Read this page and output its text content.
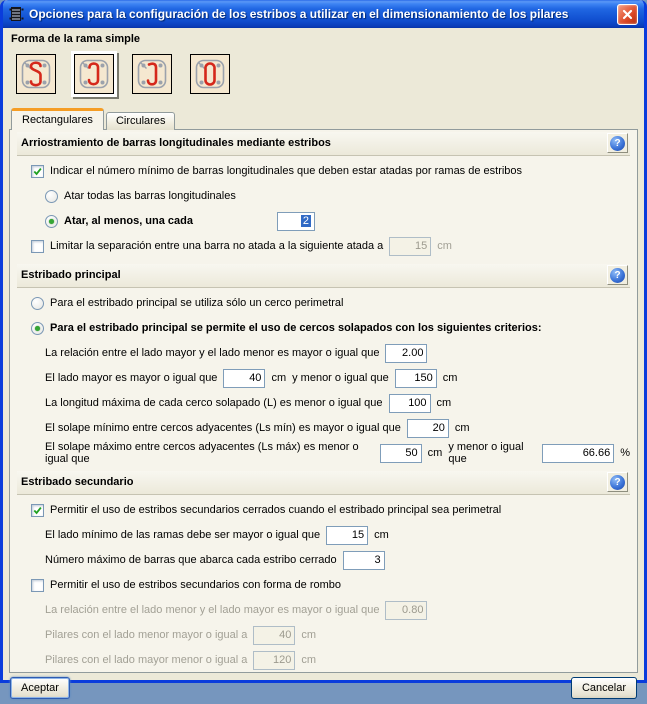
Opciones para la configuración de los estribos a utilizar en el dimensionamiento de los pilares
Forma de la rama simple
Rectangulares	Circulares
Arriostramiento de barras longitudinales mediante estribos	?
Indicar el número mínimo de barras longitudinales que deben estar atadas por ramas de estribos
Atar todas las barras longitudinales
Atar, al menos, una cada	2
Limitar la separación entre una barra no atada a la siguiente atada a
15	cm
Estribado principal	?
Para el estribado principal se utiliza sólo un cerco perimetral
Para el estribado principal se permite el uso de cercos solapados con los siguientes criterios:
La relación entre el lado mayor y el lado menor es mayor o igual que
2.00
El lado mayor es mayor o igual que
40	cm y menor o igual que
150	cm
La longitud máxima de cada cerco solapado (L) es menor o igual que
100	cm
El solape mínimo entre cercos adyacentes (Ls mín) es mayor o igual que
20	cm
El solape máximo entre cercos adyacentes (Ls máx) es menor o igual que
50	cm y menor o igual que
66.66	%
Estribado secundario	?
Permitir el uso de estribos secundarios cerrados cuando el estribado principal sea perimetral
El lado mínimo de las ramas debe ser mayor o igual que
15	cm
Número máximo de barras que abarca cada estribo cerrado
3
Permitir el uso de estribos secundarios con forma de rombo
La relación entre el lado menor y el lado mayor es mayor o igual que
0.80
Pilares con el lado menor mayor o igual a
40	cm
Pilares con el lado mayor menor o igual a
120	cm
Aceptar	Cancelar
